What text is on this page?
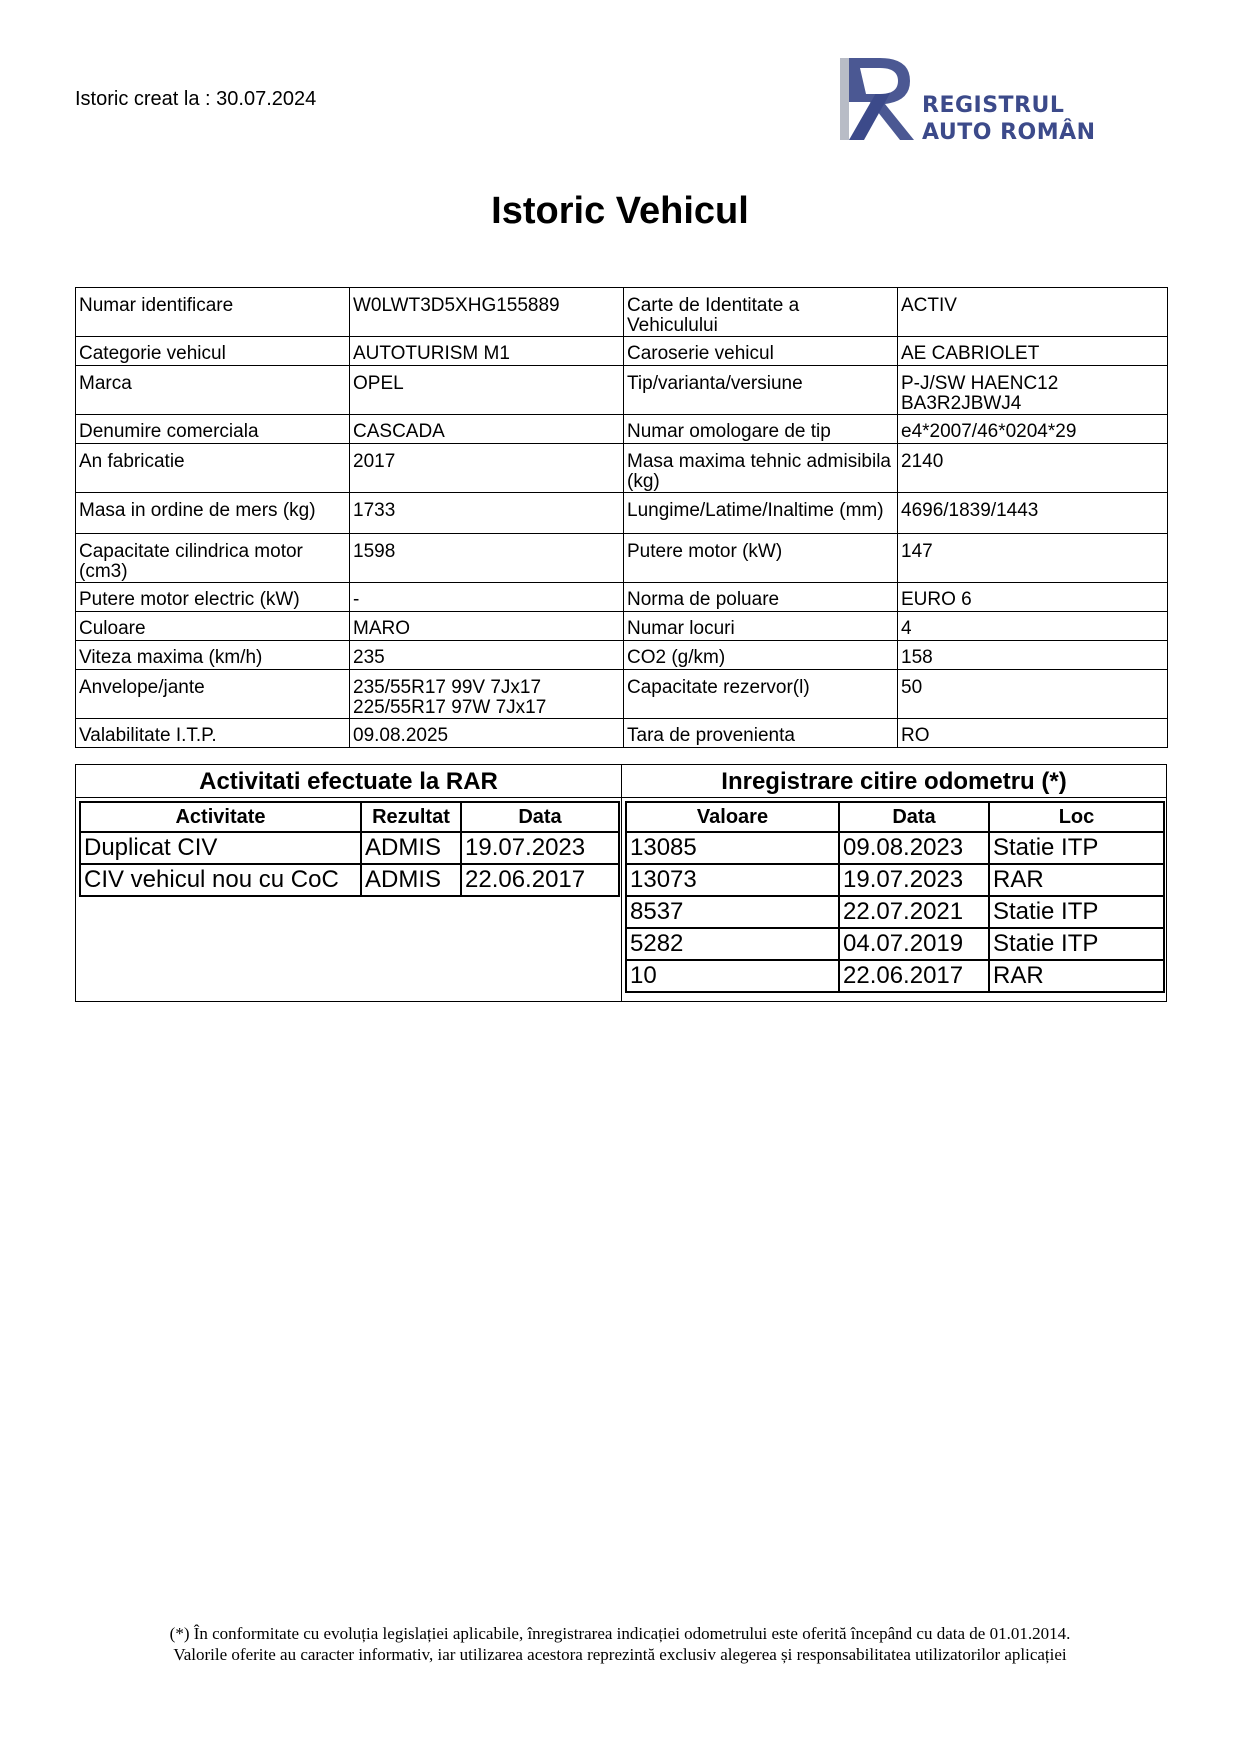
Istoric creat la : 30.07.2024	REGISTRUL
AUTO ROMÂN
Istoric Vehicul
Numar identificare	W0LWT3D5XHG155889	Carte de Identitate a Vehiculului	ACTIV
Categorie vehicul	AUTOTURISM M1	Caroserie vehicul	AE CABRIOLET
Marca	OPEL	Tip/varianta/versiune	P-J/SW HAENC12 BA3R2JBWJ4
Denumire comerciala	CASCADA	Numar omologare de tip	e4*2007/46*0204*29
An fabricatie	2017	Masa maxima tehnic admisibila (kg)	2140
Masa in ordine de mers (kg)	1733	Lungime/Latime/Inaltime (mm)	4696/1839/1443
Capacitate cilindrica motor (cm3)	1598	Putere motor (kW)	147
Putere motor electric (kW)	-	Norma de poluare	EURO 6
Culoare	MARO	Numar locuri	4
Viteza maxima (km/h)	235	CO2 (g/km)	158
Anvelope/jante	235/55R17 99V 7Jx17 225/55R17 97W 7Jx17	Capacitate rezervor(l)	50
Valabilitate I.T.P.	09.08.2025	Tara de provenienta	RO
Activitati efectuate la RAR
Activitate	Rezultat	Data
Duplicat CIV	ADMIS	19.07.2023
CIV vehicul nou cu CoC	ADMIS	22.06.2017
Inregistrare citire odometru (*)
Valoare	Data	Loc
13085	09.08.2023	Statie ITP
13073	19.07.2023	RAR
8537	22.07.2021	Statie ITP
5282	04.07.2019	Statie ITP
10	22.06.2017	RAR
(*) În conformitate cu evoluția legislației aplicabile, înregistrarea indicației odometrului este oferită începând cu data de 01.01.2014.
Valorile oferite au caracter informativ, iar utilizarea acestora reprezintă exclusiv alegerea și responsabilitatea utilizatorilor aplicației
